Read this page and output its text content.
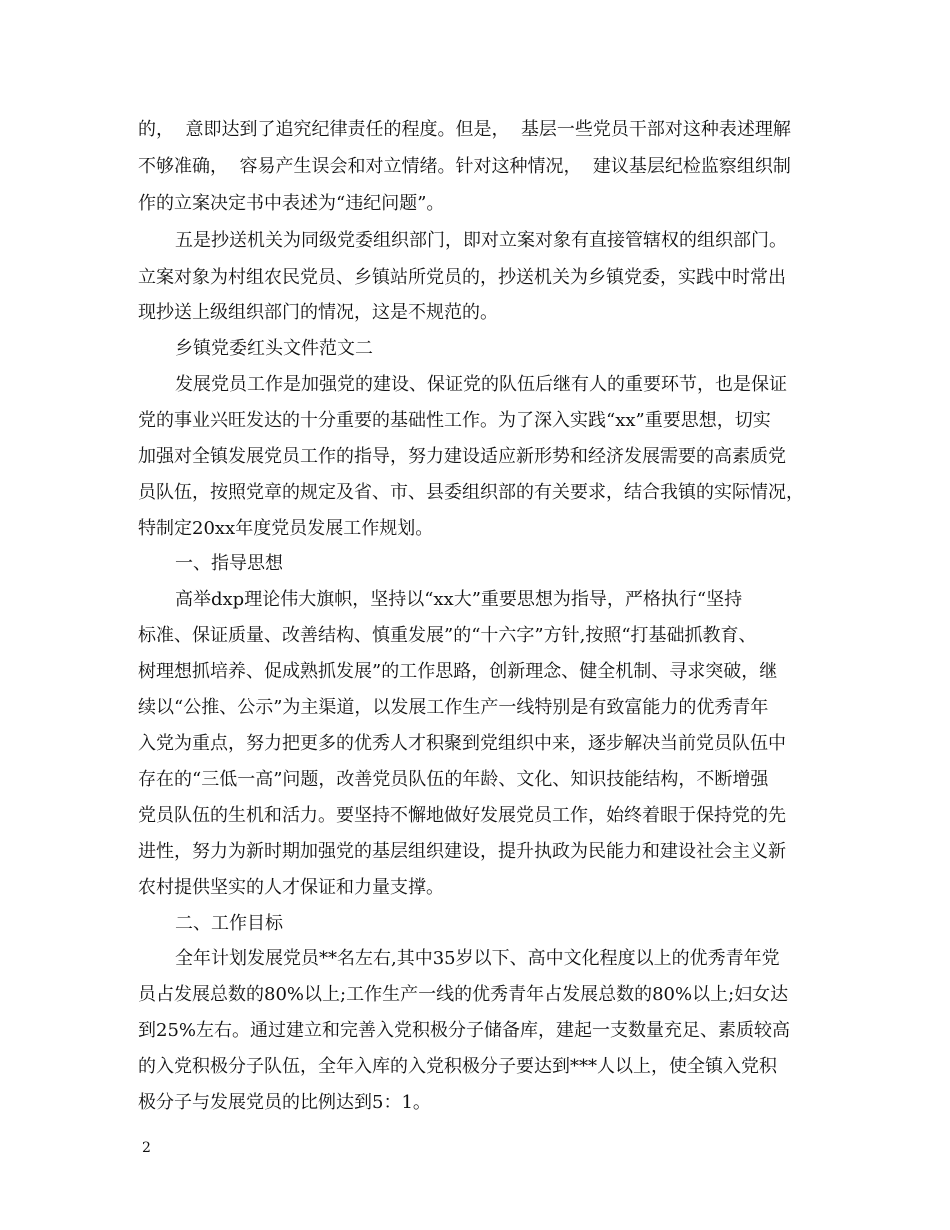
的，  意即达到了追究纪律责任的程度。但是，  基层一些党员干部对这种表述理解
不够准确，  容易产生误会和对立情绪。针对这种情况，  建议基层纪检监察组织制
作的立案决定书中表述为“违纪问题”。
五是抄送机关为同级党委组织部门，即对立案对象有直接管辖权的组织部门。
立案对象为村组农民党员、乡镇站所党员的，抄送机关为乡镇党委，实践中时常出
现抄送上级组织部门的情况，这是不规范的。
乡镇党委红头文件范文二
发展党员工作是加强党的建设、保证党的队伍后继有人的重要环节，也是保证
党的事业兴旺发达的十分重要的基础性工作。为了深入实践“xx”重要思想，切实
加强对全镇发展党员工作的指导，努力建设适应新形势和经济发展需要的高素质党
员队伍，按照党章的规定及省、市、县委组织部的有关要求，结合我镇的实际情况，
特制定20xx年度党员发展工作规划。
一、指导思想
高举dxp理论伟大旗帜，坚持以“xx大”重要思想为指导，严格执行“坚持
标准、保证质量、改善结构、慎重发展”的“十六字”方针,按照“打基础抓教育、
树理想抓培养、促成熟抓发展”的工作思路，创新理念、健全机制、寻求突破，继
续以“公推、公示”为主渠道，以发展工作生产一线特别是有致富能力的优秀青年
入党为重点，努力把更多的优秀人才积聚到党组织中来，逐步解决当前党员队伍中
存在的“三低一高”问题，改善党员队伍的年龄、文化、知识技能结构，不断增强
党员队伍的生机和活力。要坚持不懈地做好发展党员工作，始终着眼于保持党的先
进性，努力为新时期加强党的基层组织建设，提升执政为民能力和建设社会主义新
农村提供坚实的人才保证和力量支撑。
二、工作目标
全年计划发展党员**名左右,其中35岁以下、高中文化程度以上的优秀青年党
员占发展总数的80%以上;工作生产一线的优秀青年占发展总数的80%以上;妇女达
到25%左右。通过建立和完善入党积极分子储备库，建起一支数量充足、素质较高
的入党积极分子队伍，全年入库的入党积极分子要达到***人以上，使全镇入党积
极分子与发展党员的比例达到5：1。
2
